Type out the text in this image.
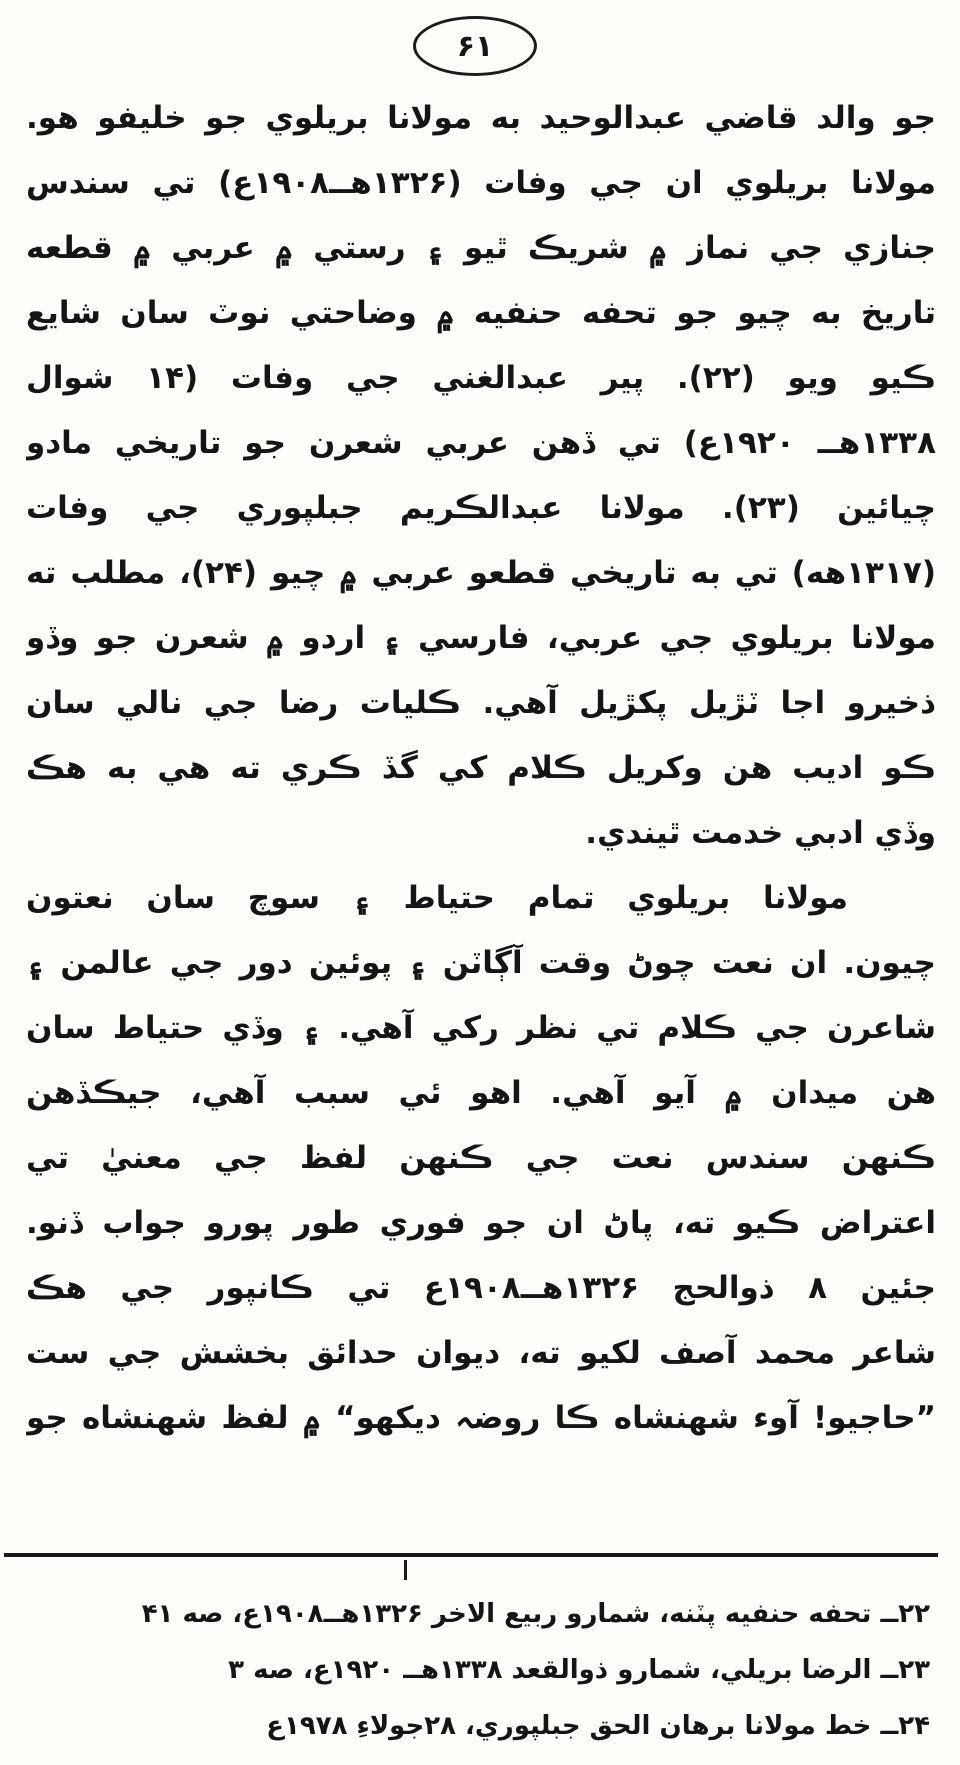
۶۱
جو والد قاضي عبدالوحيد به مولانا بريلوي جو خليفو هو.
مولانا بريلوي ان جي وفات (۱۳۲۶هــ۱۹۰۸ع) تي سندس
جنازي جي نماز ۾ شريڪ ٿيو ۽ رستي ۾ عربي ۾ قطعه
تاريخ به چيو جو تحفه حنفيه ۾ وضاحتي نوٽ سان شايع
ڪيو ويو (۲۲). پير عبدالغني جي وفات (۱۴ شوال
۱۳۳۸هــ ۱۹۲۰ع) تي ڏهن عربي شعرن جو تاريخي مادو
چيائين (۲۳). مولانا عبدالڪريم جبلپوري جي وفات
(۱۳۱۷هه) تي به تاريخي قطعو عربي ۾ چيو (۲۴)، مطلب ته
مولانا بريلوي جي عربي، فارسي ۽ اردو ۾ شعرن جو وڏو
ذخيرو اجا ٽڙيل پکڙيل آهي. ڪليات رضا جي نالي سان
ڪو اديب هن وکريل ڪلام کي گڏ ڪري ته هي به هڪ
وڏي ادبي خدمت ٿيندي.
مولانا بريلوي تمام حتياط ۽ سوچ سان نعتون
چيون. ان نعت چوڻ وقت آڳاٽن ۽ پوئين دور جي عالمن ۽
شاعرن جي ڪلام تي نظر رکي آهي. ۽ وڏي حتياط سان
هن ميدان ۾ آيو آهي. اهو ئي سبب آهي، جيڪڏهن
ڪنهن سندس نعت جي ڪنهن لفظ جي معنيٰ تي
اعتراض ڪيو ته، پاڻ ان جو فوري طور پورو جواب ڏنو.
جئين ۸ ذوالحج ۱۳۲۶هــ۱۹۰۸ع تي ڪانپور جي هڪ
شاعر محمد آصف لکيو ته، ديوان حدائق بخشش جي ست
”حاجيو! آوء شهنشاه ڪا روضہ ديکهو“ ۾ لفظ شهنشاه جو
۲۲ــ تحفه حنفيه پٽنه، شمارو ربيع الاخر ۱۳۲۶هــ۱۹۰۸ع، صه ۴۱
۲۳ــ الرضا بريلي، شمارو ذوالقعد ۱۳۳۸هــ ۱۹۲۰ع، صه ۳
۲۴ــ خط مولانا برهان الحق جبلپوري، ۲۸جولاءِ ۱۹۷۸ع
